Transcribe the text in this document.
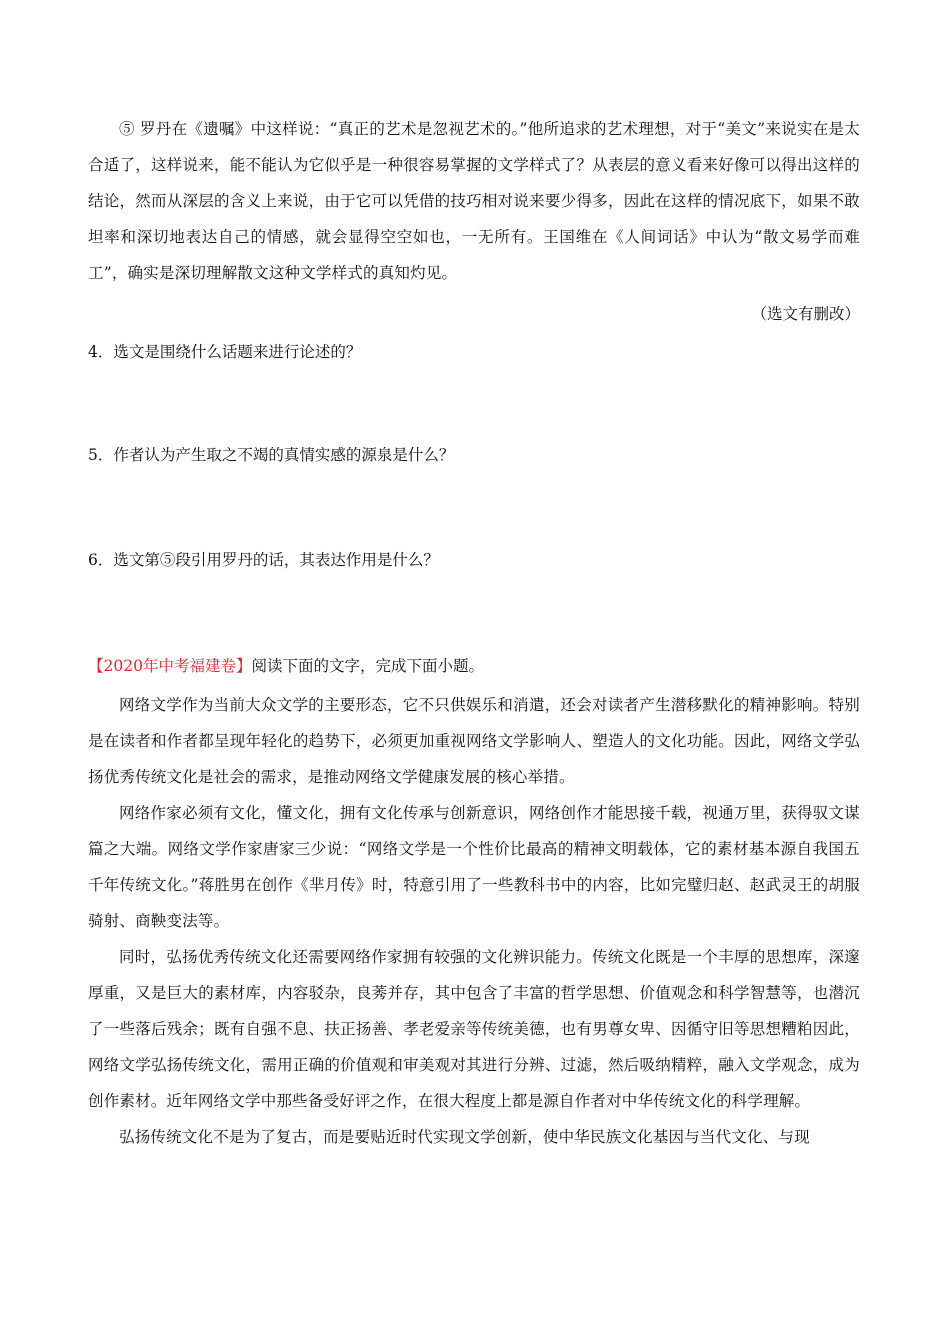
⑤ 罗丹在《遗嘱》中这样说：“真正的艺术是忽视艺术的。”他所追求的艺术理想，对于“美文”来说实在是太合适了，这样说来，能不能认为它似乎是一种很容易掌握的文学样式了？从表层的意义看来好像可以得出这样的结论，然而从深层的含义上来说，由于它可以凭借的技巧相对说来要少得多，因此在这样的情况底下，如果不敢坦率和深切地表达自己的情感，就会显得空空如也，一无所有。王国维在《人间词话》中认为“散文易学而难工”，确实是深切理解散文这种文学样式的真知灼见。

（选文有删改）

4．选文是围绕什么话题来进行论述的？

5．作者认为产生取之不竭的真情实感的源泉是什么？

6．选文第⑤段引用罗丹的话，其表达作用是什么？

【2020年中考福建卷】阅读下面的文字，完成下面小题。

网络文学作为当前大众文学的主要形态，它不只供娱乐和消遣，还会对读者产生潜移默化的精神影响。特别是在读者和作者都呈现年轻化的趋势下，必须更加重视网络文学影响人、塑造人的文化功能。因此，网络文学弘扬优秀传统文化是社会的需求，是推动网络文学健康发展的核心举措。

网络作家必须有文化，懂文化，拥有文化传承与创新意识，网络创作才能思接千载，视通万里，获得驭文谋篇之大端。网络文学作家唐家三少说：“网络文学是一个性价比最高的精神文明载体，它的素材基本源自我国五千年传统文化。”蒋胜男在创作《芈月传》时，特意引用了一些教科书中的内容，比如完璧归赵、赵武灵王的胡服骑射、商鞅变法等。

同时，弘扬优秀传统文化还需要网络作家拥有较强的文化辨识能力。传统文化既是一个丰厚的思想库，深邃厚重，又是巨大的素材库，内容驳杂，良莠并存，其中包含了丰富的哲学思想、价值观念和科学智慧等，也潜沉了一些落后残余；既有自强不息、扶正扬善、孝老爱亲等传统美德，也有男尊女卑、因循守旧等思想糟粕因此，网络文学弘扬传统文化，需用正确的价值观和审美观对其进行分辨、过滤，然后吸纳精粹，融入文学观念，成为创作素材。近年网络文学中那些备受好评之作，在很大程度上都是源自作者对中华传统文化的科学理解。

弘扬传统文化不是为了复古，而是要贴近时代实现文学创新，使中华民族文化基因与当代文化、与现
